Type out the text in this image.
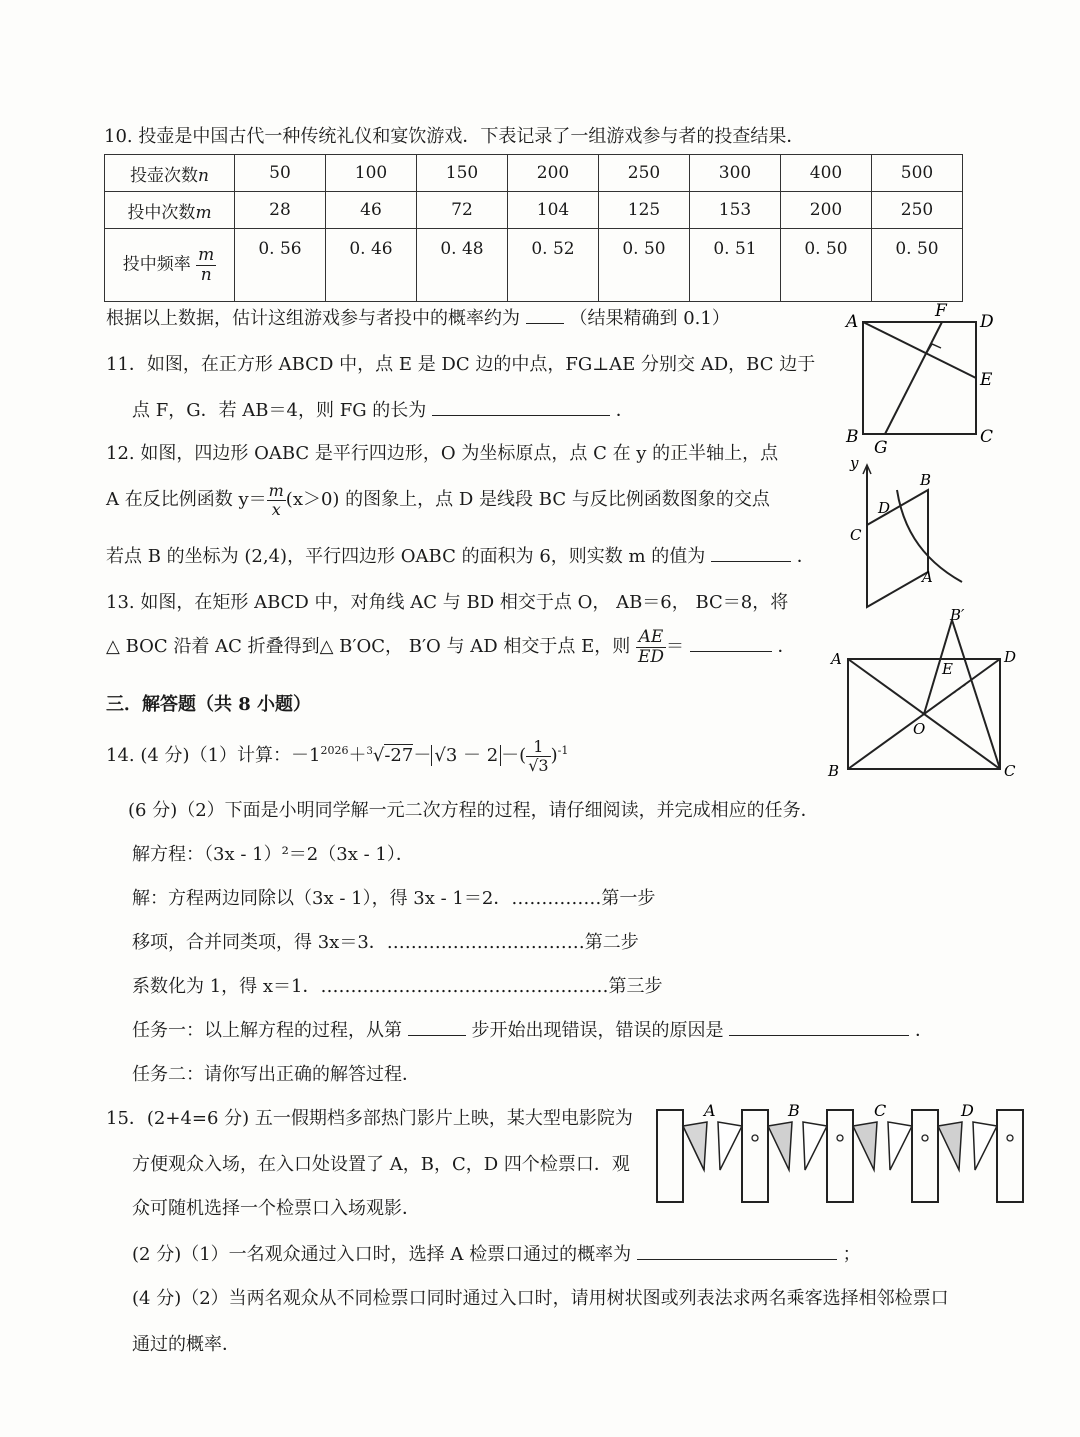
10. 投壶是中国古代一种传统礼仪和宴饮游戏．下表记录了一组游戏参与者的投查结果．
投壶次数n	50	100	150	200	250	300	400	500
投中次数m	28	46	72	104	125	153	200	250
投中频率 $\frac{m}{n}$	0. 56	0. 46	0. 48	0. 52	0. 50	0. 51	0. 50	0. 50
根据以上数据，估计这组游戏参与者投中的概率约为	（结果精确到 0.1）	A
F
D
E
B
G
C
11．如图，在正方形 ABCD 中，点 E 是 DC 边的中点，FG⊥AE 分别交 AD，BC 边于
点 F，G．若 AB＝4，则 FG 的长为	．
12. 如图，四边形 OABC 是平行四边形，O 为坐标原点，点 C 在 y 的正半轴上，点
A 在反比例函数 $y= \frac{m}{x} (x>0)$ 的图象上，点 D 是线段 BC 与反比例函数图象的交点
若点 B 的坐标为 (2,4)，平行四边形 OABC 的面积为 6，则实数 m 的值为	．
y
B
D
C
A
13. 如图，在矩形 ABCD 中，对角线 AC 与 BD 相交于点 O， AB＝6， BC＝8，将
△ BOC 沿着 AC 折叠得到△ B′OC， B′O 与 AD 相交于点 E，则 $\frac{AE}{ED}$ ＝	．
B′
A	D
E
O
B	C
三．解答题（共 8 小题）
14. (4 分)（1）计算：$-1^{2026}+^3√-27- √3 - 2$ －( $\frac{1}{√3} )^{-1}$
(6 分)（2）下面是小明同学解一元二次方程的过程，请仔细阅读，并完成相应的任务．
解方程：（3x - 1）²＝2（3x - 1）．
解：方程两边同除以（3x - 1），得 3x - 1＝2．……………第一步
移项，合并同类项，得 3x＝3．……………………………第二步
系数化为 1，得 x＝1．…………………………………………第三步
任务一：以上解方程的过程，从第	步开始出现错误，错误的原因是	．
任务二：请你写出正确的解答过程．
15．(2+4=6 分) 五一假期档多部热门影片上映，某大型电影院为
方便观众入场，在入口处设置了 A，B，C，D 四个检票口．观
众可随机选择一个检票口入场观影．
A	B	C	D
(2 分)（1）一名观众通过入口时，选择 A 检票口通过的概率为	；
(4 分)（2）当两名观众从不同检票口同时通过入口时，请用树状图或列表法求两名乘客选择相邻检票口
通过的概率．
